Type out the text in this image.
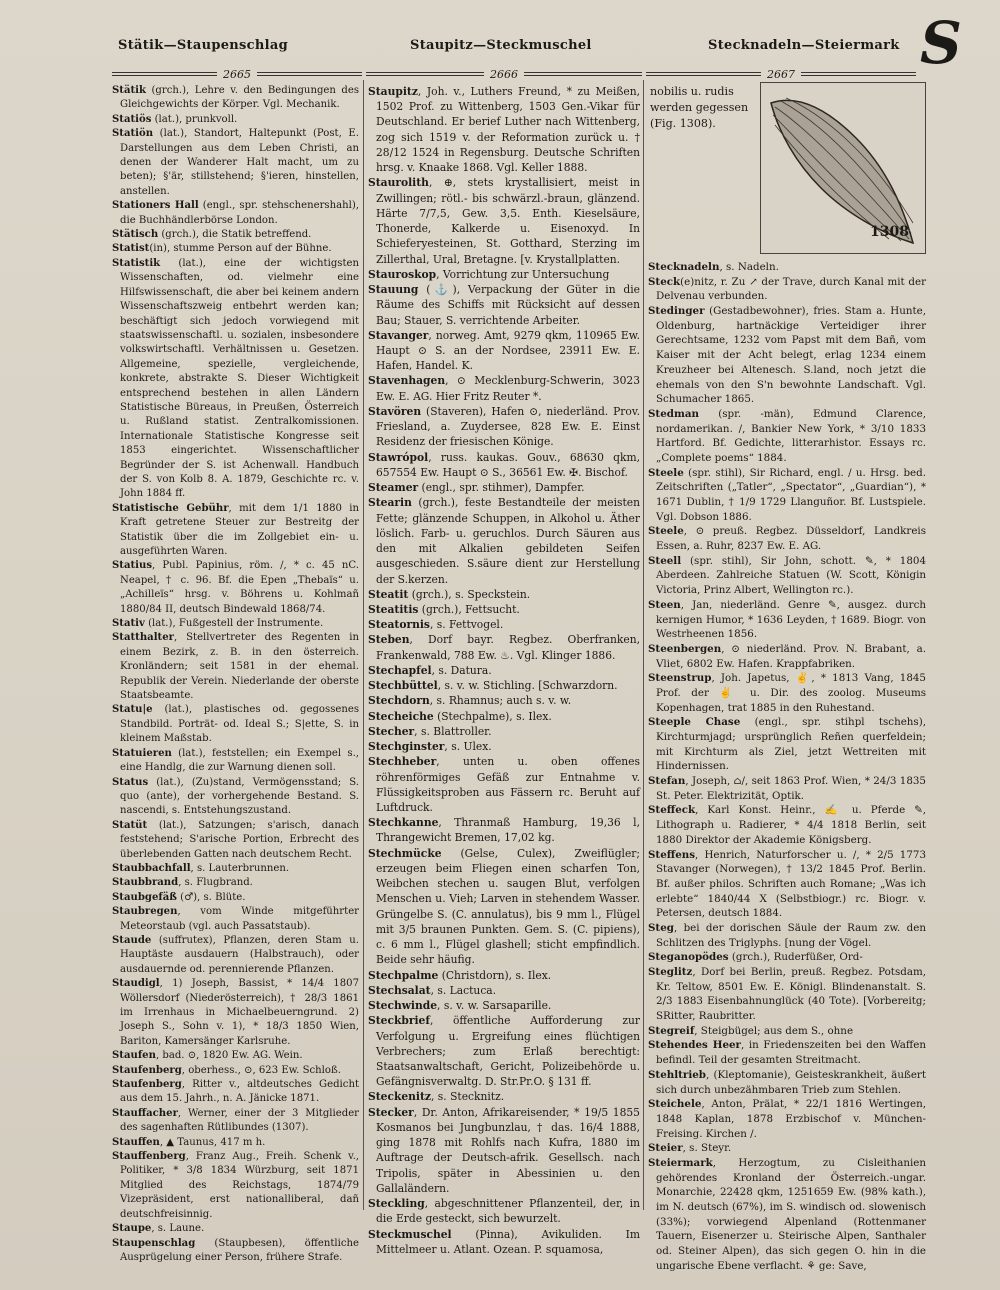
Stätik—Staupenschlag	Staupitz—Steckmuschel	Stecknadeln—Steiermark S
2665	2666	2667
Stätik (grch.), Lehre v. den Bedingungen des Gleichgewichts der Körper. Vgl. Mechanik.
Statiös (lat.), prunkvoll.
Statiön (lat.), Standort, Haltepunkt (Post, E. Darstellungen aus dem Leben Christi, an denen der Wanderer Halt macht, um zu beten); §'är, stillstehend; §'ieren, hinstellen, anstellen.
Stationers Hall (engl., spr. stehschenershahl), die Buchhändlerbörse London.
Stätisch (grch.), die Statik betreffend.
Statist(in), stumme Person auf der Bühne.
Statistik (lat.), eine der wichtigsten Wissenschaften, od. vielmehr eine Hilfswissenschaft, die aber bei keinem andern Wissenschaftszweig entbehrt werden kan; beschäftigt sich jedoch vorwiegend mit staatswissenschaftl. u. sozialen, insbesondere volkswirtschaftl. Verhältnissen u. Gesetzen. Allgemeine, spezielle, vergleichende, konkrete, abstrakte S. Dieser Wichtigkeit entsprechend bestehen in allen Ländern Statistische Büreaus, in Preußen, Österreich u. Rußland statist. Zentralkomissionen. Internationale Statistische Kongresse seit 1853 eingerichtet. Wissenschaftlicher Begründer der S. ist Achenwall. Handbuch der S. von Kolb 8. A. 1879, Geschichte rc. v. John 1884 ff.
Statistische Gebühr, mit dem 1/1 1880 in Kraft getretene Steuer zur Bestreitg der Statistik über die im Zollgebiet ein- u. ausgeführten Waren.
Statius, Publ. Papinius, röm. ∕, * c. 45 nC. Neapel, † c. 96. Bf. die Epen „Thebaïs“ u. „Achilleïs“ hrsg. v. Böhrens u. Kohlmañ 1880/84 II, deutsch Bindewald 1868/74.
Stativ (lat.), Fußgestell der Instrumente.
Statthalter, Stellvertreter des Regenten in einem Bezirk, z. B. in den österreich. Kronländern; seit 1581 in der ehemal. Republik der Verein. Niederlande der oberste Staatsbeamte.
Statu|e (lat.), plastisches od. gegossenes Standbild. Porträt- od. Ideal S.; S|ette, S. in kleinem Maßstab.
Statuieren (lat.), feststellen; ein Exempel s., eine Handlg, die zur Warnung dienen soll.
Status (lat.), (Zu)stand, Vermögensstand; S. quo (ante), der vorhergehende Bestand. S. nascendi, s. Entstehungszustand.
Statüt (lat.), Satzungen; s'arisch, danach feststehend; S'arische Portion, Erbrecht des überlebenden Gatten nach deutschem Recht.
Staubbachfall, s. Lauterbrunnen.
Staubbrand, s. Flugbrand.
Staubgefäß (♂), s. Blüte.
Staubregen, vom Winde mitgeführter Meteorstaub (vgl. auch Passatstaub).
Staude (suffrutex), Pflanzen, deren Stam u. Hauptäste ausdauern (Halbstrauch), oder ausdauernde od. perennierende Pflanzen.
Staudigl, 1) Joseph, Bassist, * 14/4 1807 Wöllersdorf (Niederösterreich), † 28/3 1861 im Irrenhaus in Michaelbeuerngrund. 2) Joseph S., Sohn v. 1), * 18/3 1850 Wien, Bariton, Kamersänger Karlsruhe.
Staufen, bad. ⊙, 1820 Ew. AG. Wein.
Staufenberg, oberhess., ⊙, 623 Ew. Schloß.
Staufenberg, Ritter v., altdeutsches Gedicht aus dem 15. Jahrh., n. A. Jänicke 1871.
Stauffacher, Werner, einer der 3 Mitglieder des sagenhaften Rütlibundes (1307).
Stauffen, ▲ Taunus, 417 m h.
Stauffenberg, Franz Aug., Freih. Schenk v., Politiker, * 3/8 1834 Würzburg, seit 1871 Mitglied des Reichstags, 1874/79 Vizepräsident, erst nationalliberal, dañ deutschfreisinnig.
Staupe, s. Laune.
Staupenschlag (Staupbesen), öffentliche Ausprügelung einer Person, frühere Strafe.
Staupitz, Joh. v., Luthers Freund, * zu Meißen, 1502 Prof. zu Wittenberg, 1503 Gen.-Vikar für Deutschland. Er berief Luther nach Wittenberg, zog sich 1519 v. der Reformation zurück u. † 28/12 1524 in Regensburg. Deutsche Schriften hrsg. v. Knaake 1868. Vgl. Keller 1888.
Staurolith, ⊕, stets krystallisiert, meist in Zwillingen; rötl.- bis schwärzl.-braun, glänzend. Härte 7/7,5, Gew. 3,5. Enth. Kieselsäure, Thonerde, Kalkerde u. Eisenoxyd. In Schieferyesteinen, St. Gotthard, Sterzing im Zillerthal, Ural, Bretagne. [v. Krystallplatten.
Stauroskop, Vorrichtung zur Untersuchung
Stauung (⚓), Verpackung der Güter in die Räume des Schiffs mit Rücksicht auf dessen Bau; Stauer, S. verrichtende Arbeiter.
Stavanger, norweg. Amt, 9279 qkm, 110965 Ew. Haupt ⊙ S. an der Nordsee, 23911 Ew. E. Hafen, Handel. K.
Stavenhagen, ⊙ Mecklenburg-Schwerin, 3023 Ew. E. AG. Hier Fritz Reuter *.
Stavören (Staveren), Hafen ⊙, niederländ. Prov. Friesland, a. Zuydersee, 828 Ew. E. Einst Residenz der friesischen Könige.
Stawrópol, russ. kaukas. Gouv., 68630 qkm, 657554 Ew. Haupt ⊙ S., 36561 Ew. ✠. Bischof.
Steamer (engl., spr. stihmer), Dampfer.
Stearin (grch.), feste Bestandteile der meisten Fette; glänzende Schuppen, in Alkohol u. Äther löslich. Farb- u. geruchlos. Durch Säuren aus den mit Alkalien gebildeten Seifen ausgeschieden. S.säure dient zur Herstellung der S.kerzen.
Steatit (grch.), s. Speckstein.
Steatitis (grch.), Fettsucht.
Steatornis, s. Fettvogel.
Steben, Dorf bayr. Regbez. Oberfranken, Frankenwald, 788 Ew. ♨. Vgl. Klinger 1886.
Stechapfel, s. Datura.
Stechbüttel, s. v. w. Stichling. [Schwarzdorn.
Stechdorn, s. Rhamnus; auch s. v. w.
Stecheiche (Stechpalme), s. Ilex.
Stecher, s. Blattroller.
Stechginster, s. Ulex.
Stechheber, unten u. oben offenes röhrenförmiges Gefäß zur Entnahme v. Flüssigkeitsproben aus Fässern rc. Beruht auf Luftdruck.
Stechkanne, Thranmaß Hamburg, 19,36 l, Thrangewicht Bremen, 17,02 kg.
Stechmücke (Gelse, Culex), Zweiflügler; erzeugen beim Fliegen einen scharfen Ton, Weibchen stechen u. saugen Blut, verfolgen Menschen u. Vieh; Larven in stehendem Wasser. Grüngelbe S. (C. annulatus), bis 9 mm l., Flügel mit 3/5 braunen Punkten. Gem. S. (C. pipiens), c. 6 mm l., Flügel glashell; sticht empfindlich. Beide sehr häufig.
Stechpalme (Christdorn), s. Ilex.
Stechsalat, s. Lactuca.
Stechwinde, s. v. w. Sarsaparille.
Steckbrief, öffentliche Aufforderung zur Verfolgung u. Ergreifung eines flüchtigen Verbrechers; zum Erlaß berechtigt: Staatsanwaltschaft, Gericht, Polizeibehörde u. Gefängnisverwaltg. D. Str.Pr.O. § 131 ff.
Steckenitz, s. Stecknitz.
Stecker, Dr. Anton, Afrikareisender, * 19/5 1855 Kosmanos bei Jungbunzlau, † das. 16/4 1888, ging 1878 mit Rohlfs nach Kufra, 1880 im Auftrage der Deutsch-afrik. Gesellsch. nach Tripolis, später in Abessinien u. den Gallaländern.
Steckling, abgeschnittener Pflanzenteil, der, in die Erde gesteckt, sich bewurzelt.
Steckmuschel (Pinna), Avikuliden. Im Mittelmeer u. Atlant. Ozean. P. squamosa,
nobilis u. rudis werden gegessen (Fig. 1308).
1308
Stecknadeln, s. Nadeln.
Steck(e)nitz, r. Zu ↗ der Trave, durch Kanal mit der Delvenau verbunden.
Stedinger (Gestadbewohner), fries. Stam a. Hunte, Oldenburg, hartnäckige Verteidiger ihrer Gerechtsame, 1232 vom Papst mit dem Bañ, vom Kaiser mit der Acht belegt, erlag 1234 einem Kreuzheer bei Altenesch. S.land, noch jetzt die ehemals von den S'n bewohnte Landschaft. Vgl. Schumacher 1865.
Stedman (spr. -män), Edmund Clarence, nordamerikan. ∕, Bankier New York, * 3/10 1833 Hartford. Bf. Gedichte, litterarhistor. Essays rc. „Complete poems“ 1884.
Steele (spr. stihl), Sir Richard, engl. ∕ u. Hrsg. bed. Zeitschriften („Tatler“, „Spectator“, „Guardian“), * 1671 Dublin, † 1/9 1729 Llanguñor. Bf. Lustspiele. Vgl. Dobson 1886.
Steele, ⊙ preuß. Regbez. Düsseldorf, Landkreis Essen, a. Ruhr, 8237 Ew. E. AG.
Steell (spr. stihl), Sir John, schott. ✎, * 1804 Aberdeen. Zahlreiche Statuen (W. Scott, Königin Victoria, Prinz Albert, Wellington rc.).
Steen, Jan, niederländ. Genre ✎, ausgez. durch kernigen Humor, * 1636 Leyden, † 1689. Biogr. von Westrheenen 1856.
Steenbergen, ⊙ niederländ. Prov. N. Brabant, a. Vliet, 6802 Ew. Hafen. Krappfabriken.
Steenstrup, Joh. Japetus, ✌, * 1813 Vang, 1845 Prof. der ✌ u. Dir. des zoolog. Museums Kopenhagen, trat 1885 in den Ruhestand.
Steeple Chase (engl., spr. stihpl tschehs), Kirchturmjagd; ursprünglich Reñen querfeldein; mit Kirchturm als Ziel, jetzt Wettreiten mit Hindernissen.
Stefan, Joseph, ⌂∕, seit 1863 Prof. Wien, * 24/3 1835 St. Peter. Elektrizität, Optik.
Steffeck, Karl Konst. Heinr., ✍ u. Pferde ✎, Lithograph u. Radierer, * 4/4 1818 Berlin, seit 1880 Direktor der Akademie Königsberg.
Steffens, Henrich, Naturforscher u. ∕, * 2/5 1773 Stavanger (Norwegen), † 13/2 1845 Prof. Berlin. Bf. außer philos. Schriften auch Romane; „Was ich erlebte“ 1840/44 X (Selbstbiogr.) rc. Biogr. v. Petersen, deutsch 1884.
Steg, bei der dorischen Säule der Raum zw. den Schlitzen des Triglyphs. [nung der Vögel.
Steganopödes (grch.), Ruderfüßer, Ord-
Steglitz, Dorf bei Berlin, preuß. Regbez. Potsdam, Kr. Teltow, 8501 Ew. E. Königl. Blindenanstalt. S. 2/3 1883 Eisenbahnunglück (40 Tote). [Vorbereitg; SRitter, Raubritter.
Stegreif, Steigbügel; aus dem S., ohne
Stehendes Heer, in Friedenszeiten bei den Waffen befindl. Teil der gesamten Streitmacht.
Stehltrieb, (Kleptomanie), Geisteskrankheit, äußert sich durch unbezähmbaren Trieb zum Stehlen.
Steichele, Anton, Prälat, * 22/1 1816 Wertingen, 1848 Kaplan, 1878 Erzbischof v. München-Freising. Kirchen ∕.
Steier, s. Steyr.
Steiermark, Herzogtum, zu Cisleithanien gehörendes Kronland der Österreich.-ungar. Monarchie, 22428 qkm, 1251659 Ew. (98% kath.), im N. deutsch (67%), im S. windisch od. slowenisch (33%); vorwiegend Alpenland (Rottenmaner Tauern, Eisenerzer u. Steirische Alpen, Santhaler od. Steiner Alpen), das sich gegen O. hin in die ungarische Ebene verflacht. ⚘ ge: Save,
